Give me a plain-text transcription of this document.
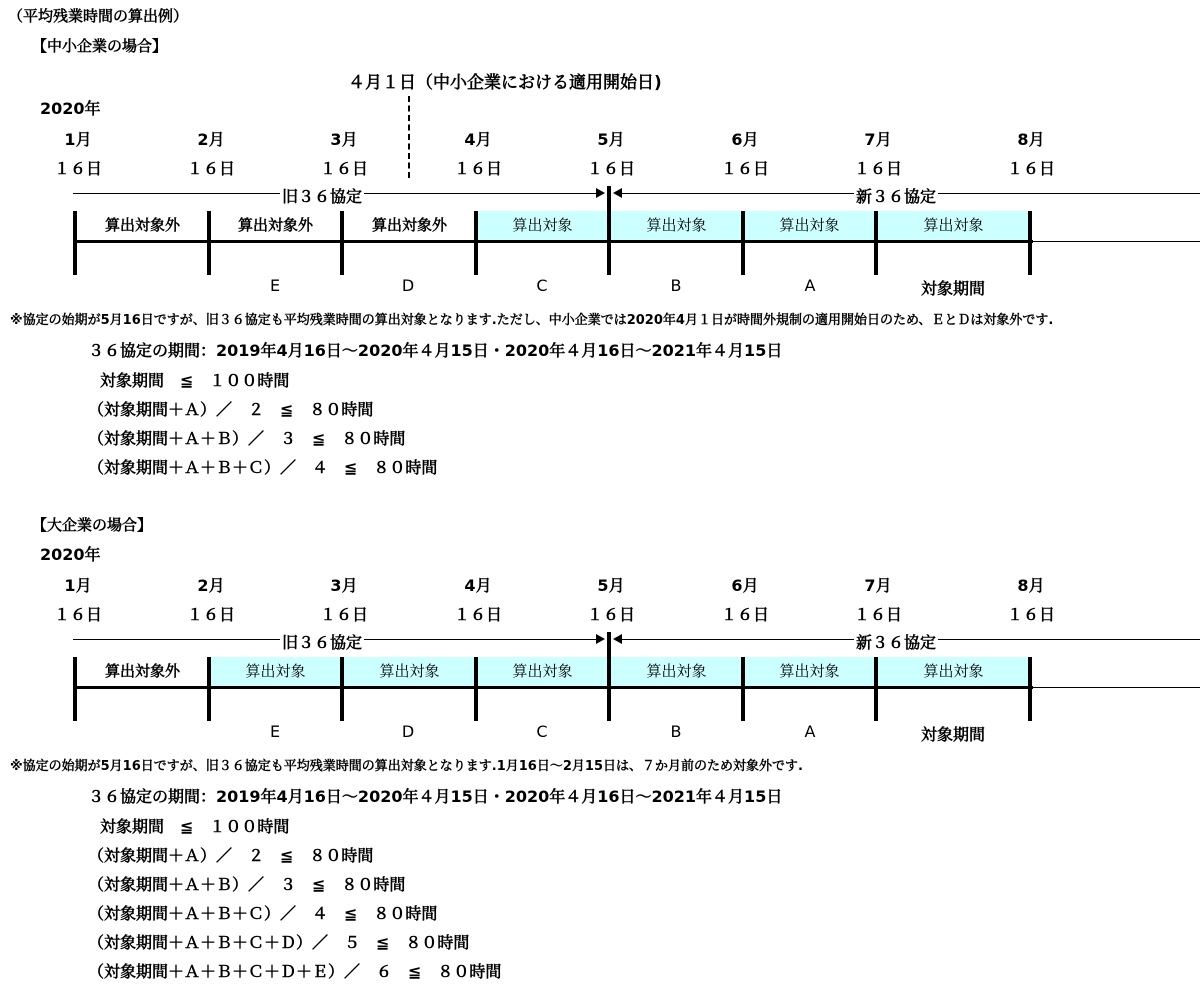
（平均残業時間の算出例）
【中小企業の場合】
４月１日（中小企業における適用開始日)
2020年
1月	2月	3月	4月	5月	6月	7月	8月
１６日	１６日	１６日	１６日	１６日	１６日	１６日	１６日
旧３６協定	新３６協定
算出対象外	算出対象外	算出対象外	算出対象	算出対象	算出対象	算出対象
E	D	C	B	A	対象期間
※協定の始期が5月16日ですが、旧３６協定も平均残業時間の算出対象となります.ただし、中小企業では2020年4月１日が時間外規制の適用開始日のため、ＥとＤは対象外です.
３６協定の期間：2019年4月16日～2020年４月15日・2020年４月16日～2021年４月15日
対象期間　≦　１００時間
（対象期間＋Ａ）／　２　≦　８０時間
（対象期間＋Ａ＋Ｂ）／　３　≦　８０時間
（対象期間＋Ａ＋Ｂ＋Ｃ）／　４　≦　８０時間
【大企業の場合】
2020年
1月	2月	3月	4月	5月	6月	7月	8月
１６日	１６日	１６日	１６日	１６日	１６日	１６日	１６日
旧３６協定	新３６協定
算出対象外	算出対象	算出対象	算出対象	算出対象	算出対象	算出対象
E	D	C	B	A	対象期間
※協定の始期が5月16日ですが、旧３６協定も平均残業時間の算出対象となります.1月16日～2月15日は、７か月前のため対象外です.
３６協定の期間：2019年4月16日～2020年４月15日・2020年４月16日～2021年４月15日
対象期間　≦　１００時間
（対象期間＋Ａ）／　２　≦　８０時間
（対象期間＋Ａ＋Ｂ）／　３　≦　８０時間
（対象期間＋Ａ＋Ｂ＋Ｃ）／　４　≦　８０時間
（対象期間＋Ａ＋Ｂ＋Ｃ＋Ｄ）／　５　≦　８０時間
（対象期間＋Ａ＋Ｂ＋Ｃ＋Ｄ＋Ｅ）／　６　≦　８０時間
